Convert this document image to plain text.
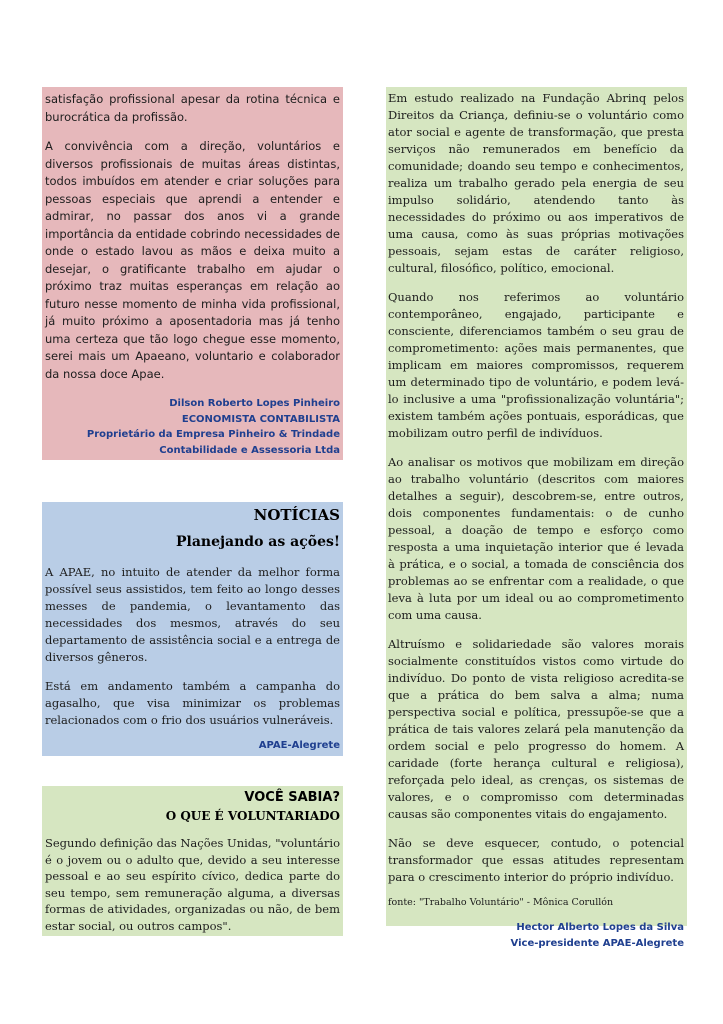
satisfação profissional apesar da rotina técnica e burocrática da profissão.

A convivência com a direção, voluntários e diversos profissionais de muitas áreas distintas, todos imbuídos em atender e criar soluções para pessoas especiais que aprendi a entender e admirar, no passar dos anos vi a grande importância da entidade cobrindo necessidades de onde o estado lavou as mãos e deixa muito a desejar, o gratificante trabalho em ajudar o próximo traz muitas esperanças em relação ao futuro nesse momento de minha vida profissional, já muito próximo a aposentadoria mas já tenho uma certeza que tão logo chegue esse momento, serei mais um Apaeano, voluntario e colaborador da nossa doce Apae.

Dilson Roberto Lopes Pinheiro
ECONOMISTA CONTABILISTA
Proprietário da Empresa Pinheiro & Trindade
Contabilidade e Assessoria Ltda
NOTÍCIAS
Planejando as ações!

A APAE, no intuito de atender da melhor forma possível seus assistidos, tem feito ao longo desses messes de pandemia, o levantamento das necessidades dos mesmos, através do seu departamento de assistência social e a entrega de diversos gêneros.

Está em andamento também a campanha do agasalho, que visa minimizar os problemas relacionados com o frio dos usuários vulneráveis.

APAE-Alegrete
VOCÊ SABIA?
O QUE É VOLUNTARIADO

Segundo definição das Nações Unidas, "voluntário é o jovem ou o adulto que, devido a seu interesse pessoal e ao seu espírito cívico, dedica parte do seu tempo, sem remuneração alguma, a diversas formas de atividades, organizadas ou não, de bem estar social, ou outros campos".

Em estudo realizado na Fundação Abrinq pelos Direitos da Criança, definiu-se o voluntário como ator social e agente de transformação, que presta serviços não remunerados em benefício da comunidade; doando seu tempo e conhecimentos, realiza um trabalho gerado pela energia de seu impulso solidário, atendendo tanto às necessidades do próximo ou aos imperativos de uma causa, como às suas próprias motivações pessoais, sejam estas de caráter religioso, cultural, filosófico, político, emocional.

Quando nos referimos ao voluntário contemporâneo, engajado, participante e consciente, diferenciamos também o seu grau de comprometimento: ações mais permanentes, que implicam em maiores compromissos, requerem um determinado tipo de voluntário, e podem levá-lo inclusive a uma "profissionalização voluntária"; existem também ações pontuais, esporádicas, que mobilizam outro perfil de indivíduos.

Ao analisar os motivos que mobilizam em direção ao trabalho voluntário (descritos com maiores detalhes a seguir), descobrem-se, entre outros, dois componentes fundamentais: o de cunho pessoal, a doação de tempo e esforço como resposta a uma inquietação interior que é levada à prática, e o social, a tomada de consciência dos problemas ao se enfrentar com a realidade, o que leva à luta por um ideal ou ao comprometimento com uma causa.

Altruísmo e solidariedade são valores morais socialmente constituídos vistos como virtude do indivíduo. Do ponto de vista religioso acredita-se que a prática do bem salva a alma; numa perspectiva social e política, pressupõe-se que a prática de tais valores zelará pela manutenção da ordem social e pelo progresso do homem. A caridade (forte herança cultural e religiosa), reforçada pelo ideal, as crenças, os sistemas de valores, e o compromisso com determinadas causas são componentes vitais do engajamento.

Não se deve esquecer, contudo, o potencial transformador que essas atitudes representam para o crescimento interior do próprio indivíduo.

fonte: "Trabalho Voluntário" - Mônica Corullón

Hector Alberto Lopes da Silva
Vice-presidente APAE-Alegrete
